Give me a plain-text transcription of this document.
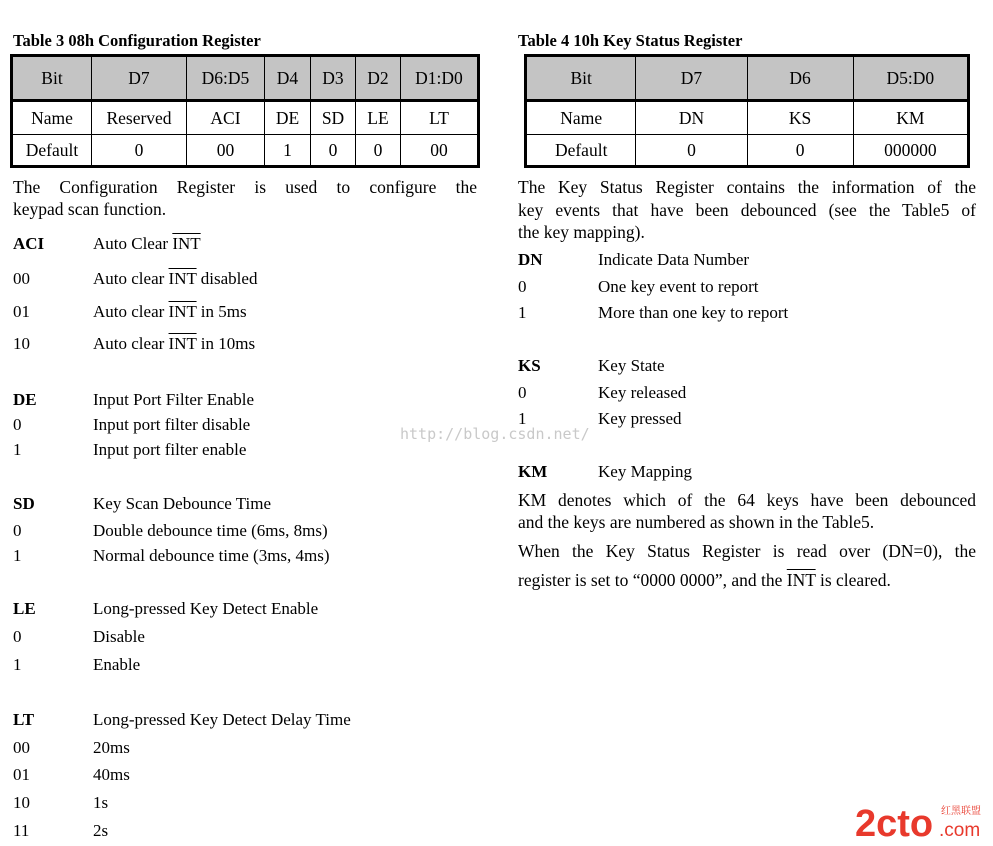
Table 3 08h Configuration Register
Bit	D7	D6:D5	D4	D3	D2	D1:D0
Name	Reserved	ACI	DE	SD	LE	LT
Default	0	00	1	0	0	00
Table 4 10h Key Status Register
Bit	D7	D6	D5:D0
Name	DN	KS	KM
Default	0	0	000000
The Configuration Register is used to configure the
keypad scan function.
ACI	Auto Clear $\overline{INT}$
00	Auto clear $\overline{INT}$ disabled
01	Auto clear $\overline{INT}$ in 5ms
10	Auto clear $\overline{INT}$ in 10ms
DE	Input Port Filter Enable
0	Input port filter disable
1	Input port filter enable
SD	Key Scan Debounce Time
0	Double debounce time (6ms, 8ms)
1	Normal debounce time (3ms, 4ms)
LE	Long-pressed Key Detect Enable
0	Disable
1	Enable
LT	Long-pressed Key Detect Delay Time
00	20ms
01	40ms
10	1s
11	2s
The Key Status Register contains the information of the
key events that have been debounced (see the Table5 of
the key mapping).
DN	Indicate Data Number
0	One key event to report
1	More than one key to report
KS	Key State
0	Key released
1	Key pressed
KM	Key Mapping
KM denotes which of the 64 keys have been debounced
and the keys are numbered as shown in the Table5.
When the Key Status Register is read over (DN=0), the
register is set to “0000 0000”, and the $\overline{INT}$ is cleared.
http://blog.csdn.net/
2cto 红黑联盟
.com
